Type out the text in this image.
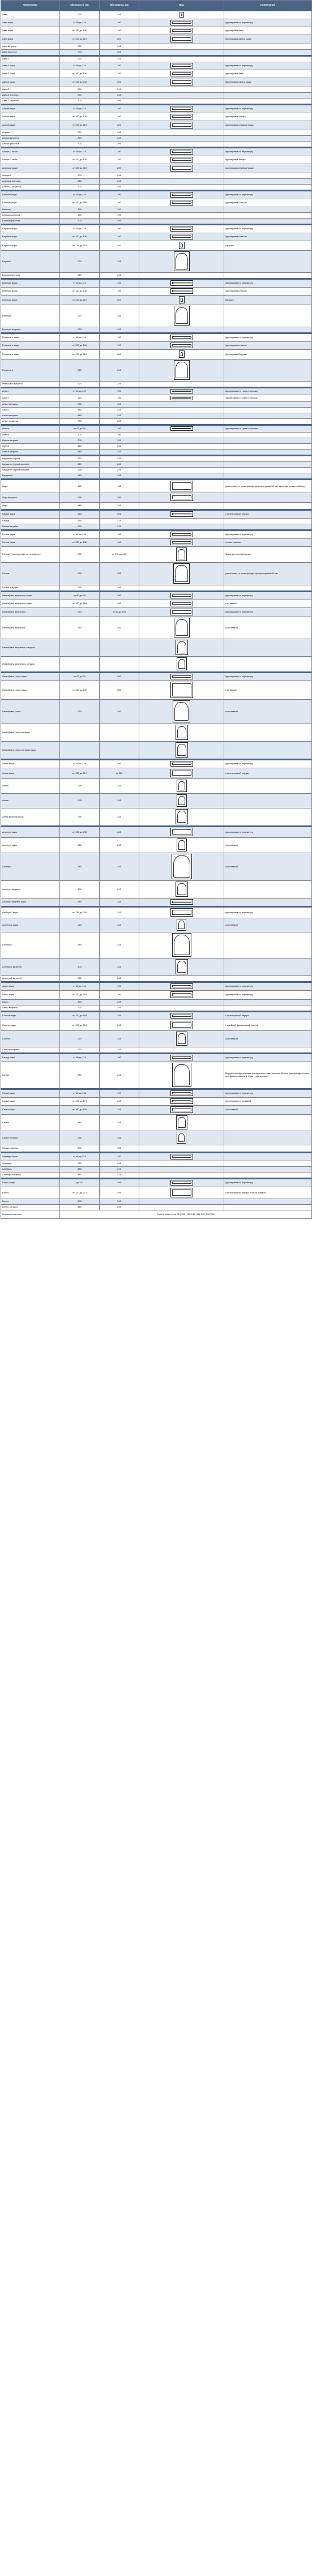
Фрезеровка	Min высота, мм	Min ширина, мм	Вид	Примечание
Аква	220	245	

Аква ящик	от 60 до 119	190		фрезеровка по периметру
Аква ящик	от 120 до 136	190		фрезеровка аква
Аква ящик	от 137 до 219	200		фрезеровка аква-2 ящик
Аква витрина	220	245		
Аква решетка	703	295		
Аква-2	220	245		
Аква-2 ящик	от 60 до 119	190		фрезеровка по периметру
Аква-2 ящик	от 120 до 136	190		фрезеровка аква
Аква-2 ящик	от 137 до 249	200		фрезеровка аква-2 ящик
Аква-2	220	245		
Аква-2 витрина	250	245		
Аква-2 решетка	703	295		
Альфа ящик	от 60 до 119	190		фрезеровка по периметру
Альфа ящик	от 120 до 136	190		фрезеровка альфа
Альфа ящик	от 137 до 219	200		фрезеровка альфа-2 ящик
Альфа	220	245		
Альфа витрина	220	245		
Альфа решетка	703	295		
Альфа-2 ящик	от 60 до 119	190		фрезеровка по периметру
Альфа-2 ящик	от 120 до 136	190		фрезеровка альфа
Альфа-2 ящик	от 137 до 269	200		фрезеровка альфа-2 ящик
Альфа-2	220	245		
Альфа-2 витрина	260	245		
Альфа-2 решетка	703	295		
Классик ящик	от 60 до 119	190		фрезеровка по периметру
Классик ящик	от 120 до 189	190		фрезеровка классик
Классик	190	190		
Классик витрина	190	190		
Классик решетка	703	295		
Барокко ящик	от 60 до 119	190		фрезеровка по периметру
Барокко ящик	от 120 до 136	190		фрезеровка классик
Барокко ящик	от 137 до 219	200		барокко
Барокко	220	245	

Барокко витрина	220	245		
Венеция ящик	от 60 до 119	190		фрезеровка по периметру
Венеция ящик	от 120 до 136	190		фрезеровка классик
Венеция ящик	от 137 до 219	200		барокко
Венеция	220	245	

Венеция витрина	220	245		
Ренессанс ящик	от 60 до 119	190		фрезеровка по периметру
Ренессанс ящик	от 120 до 136	190		фрезеровка классик
Ренессанс ящик	от 137 до 219	200		фрезеровка Барокко
Ренессанс	220	245	

Ренессанс витрина	220	245		
Алант	от 60 до 159	190		фрезеровка по трем сторонам
Алант	160	190		Фрезеровка по всем сторонам
Алант витрина	295	395		
Алант	445	245		
Алант витрина	445	245		
Алант решетка	703	295		
Омега	от 60 до 99	190		фрезеровка по трем сторонам
Омега	100	190		
Омега витрина	295	395		
Омега	445	245		
Омега витрина	445	245		
Кардинал глухой	220	245		
Кардинал глухой витрина	220	245		
Кардинал глухой витрина	295	245		
Кардинал	445	245		
Лира	160	165		расстояние от края фасада до фрезеровки 50 мм, включая тонкую выборку
Лира витрина	295	395	

Лира	445	245		
Гамма ящик	160	295		с фрезеровкой внутри
Гамма	275	275		
Гамма витрина	279	279		
Готика ящик	от 60 до 140	190		фрезеровка по периметру
Готика ящик	от 120 до 136	190		готика классик
Готика П (фрезеровка по периметру)	295	от 190 до 295		без внутренней рисунка
Готика	295	295		расстояние от края фасада до фрезеровки 65 мм
Готика витрина	295	295		
Люмибрата заприталь ящик	от 50 до 99	250		фрезеровка по периметру
Люмибрата заприталь ящик	от 100 до 169	250		с вставкой
Люмибрата заприталь	250	от 50 до 199		фрезеровка по периметру
Люмибрата заприталь	250	200		со вставкой
Люмибрата заприталь витрина			

Люмибрата заприталь витрина			

Люмибрата рокко ящик	от 50 до 99	250		фрезеровка по периметру
Люмибрата рокко ящик	от 100 до 249	250		с вставкой
Люмибрата рокко	250	250		со вставкой
Люмибрата рокко витрина			

Люмибрата рокко витрина ящик			

Антик ящик	от 60 до 136	190		фрезеровка по периметру
Антик ящик	от 137 до 219	от 250		с фрезеровкой внутри
Антик	295	245	

Антик	295	295	

Антик витрина ящик	295	245	

Аллегро ящик	от 137 до 249	245		фрезеровка по периметру
Аллегро ящик	245	245		со вставкой
Аллегро	245	245		со вставкой
Аллегро витрина	300	245	

Аллегро витрина ящик	245	245	

Аллегро2 ящик	от 137 до 244	245		фрезеровка по периметру
Аллегро2 ящик	220	245		со вставкой
Аллегро2	245	245	

Аллегро2 витрина	300	245	

Аллегро2 витрина	245	245		
Авгор ящик	от 60 до 119	190		фрезеровка по периметру
Авгор ящик	от 120 до 219	190		фрезеровка по периметру
Авгор	220	245		
Авгор витрина	220	245		
Сонета ящик	от 120 до 159	245		с фрезеровкой внутри
Сонета ящик	от 137 до 219	245		с двойной фрезеровкой внутри
Сонета	220	245		со вставкой
Сонета витрина	220	245		
Кангур ящик	от 60 до 119	190		фрезеровка по периметру
Кангур	280	245		Внутренняя фрезеровка фасада выступает меньше 200 мм для фасада только при фрезеровании в 1 шагу фрезеровки
Сигма ящик	от 60 до 136	197		фрезеровка по периметру
Сигма ящик	от 137 до 179	245		фрезеровка со вставкой
Сигма ящик	от 180 до 445	245		со вставкой
Сигма	245	245	

Сигма витрина	295	245	

Сигма решетка	592	395		
Альмира ящик	от 60 до 219	197	

Альмира	220	245		
Альмира	445	215		
Альмира витрина	445	215		
Бэлло ящик	до 120	295		фрезеровка по периметру
Бэлло	от 120 до 277	295		с фрезеровкой внутри, только прямые
Бэлло	278	295		
Бэлло витрина	440	295		
Арочный комплект	Только комплекты 713*395, 713*295, 996*395, 996*295			
